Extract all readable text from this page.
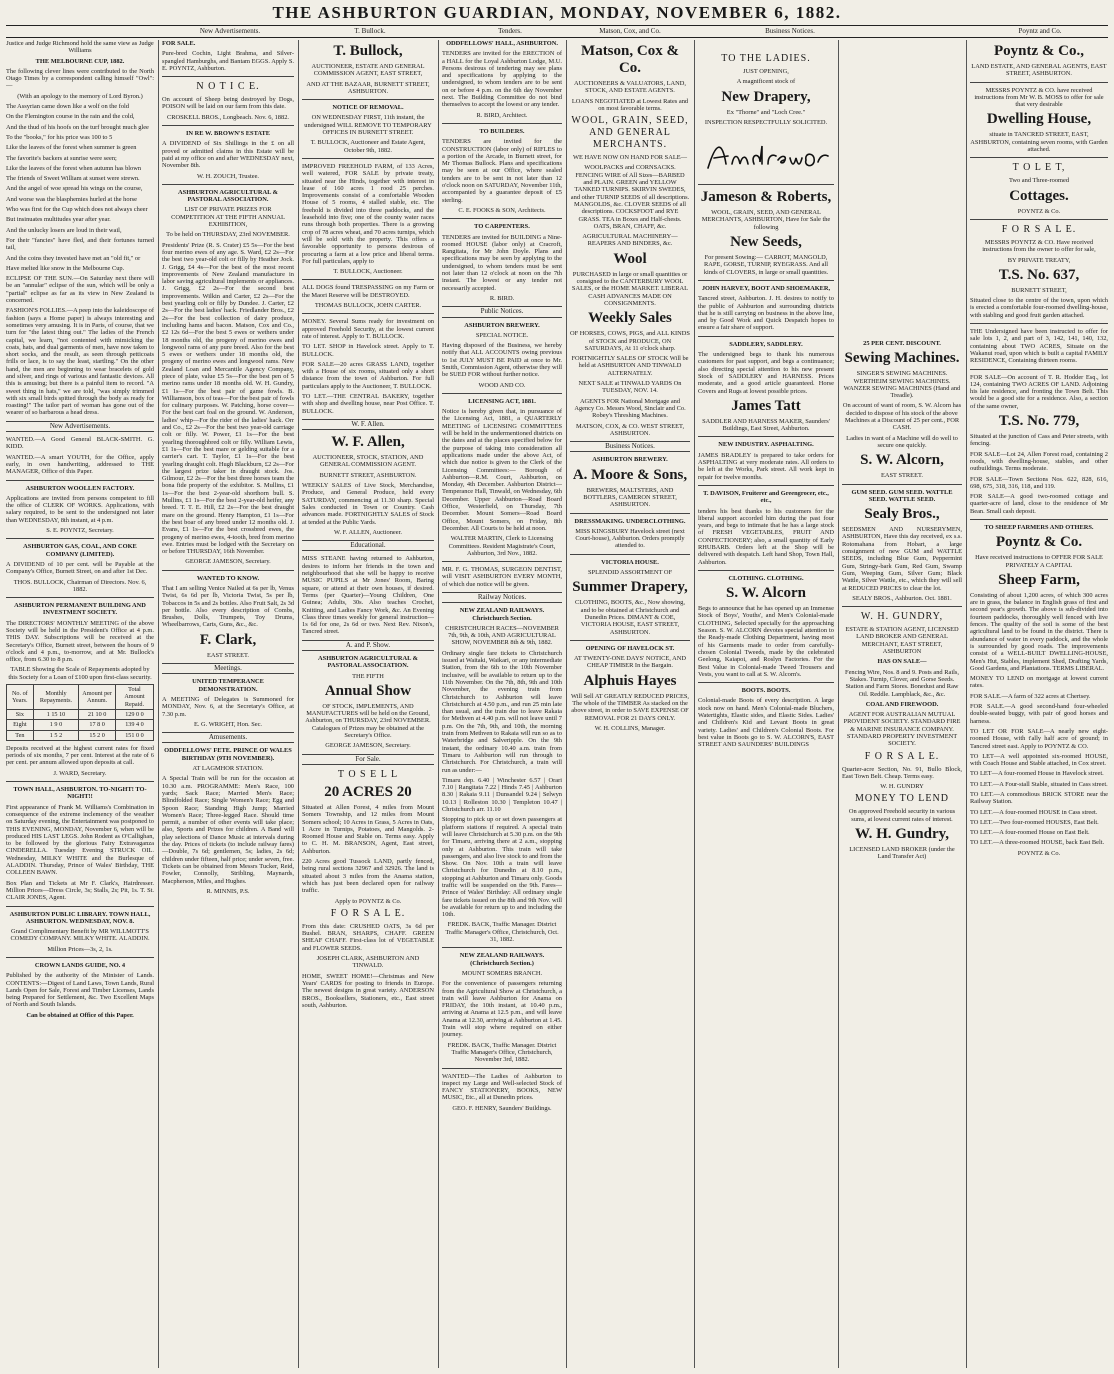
THE ASHBURTON GUARDIAN, MONDAY, NOVEMBER 6, 1882.
New Advertisements.	T. Bullock.	Tenders.	Matson, Cox, and Co.	Business Notices.	Poyntz and Co.

Justice and Judge Richmond hold the same view as Judge Williams

THE MELBOURNE CUP, 1882.

The following clever lines were contributed to the North Otago Times by a correspondent calling himself "Owl":—

(With an apology to the memory of Lord Byron.)

The Assyrian came down like a wolf on the fold

On the Flemington course in the rain and the cold,

And the thud of his hoofs on the turf brought much glee

To the "books," for his price was 100 to 5

Like the leaves of the forest when summer is green

The favorite's backers at sunrise were seen;

Like the leaves of the forest when autumn has blown

The friends of Sweet William at sunset were strewn.

And the angel of woe spread his wings on the course,

And worse was the blasphemies hurled at the horse

Who was first for the Cup which does not always cheer

But insinuates multitudes year after year.

And the unlucky losers are loud in their wail,

For their "fancies" have fled, and their fortunes turned tail,

And the coins they invested have met an "old fit," or

Have melted like snow in the Melbourne Cup.

ECLIPSE OF THE SUN.—On Saturday next there will be an "annular" eclipse of the sun, which will be only a "partial" eclipse as far as its view in New Zealand is concerned.

FASHION'S FOLLIES.—A peep into the kaleidoscope of fashion (says a Home paper) is always interesting and sometimes very amusing. It is in Paris, of course, that we turn for "the latest thing out." The ladies of the French capital, we learn, "not contented with mimicking the coats, hats, and dual garments of men, have now taken to short socks, and the result, as seen through petticoats frills or lace, is to say the least, startling." On the other hand, the men are beginning to wear bracelets of gold and silver, and rings of various and fantastic devices. All this is amusing; but there is a painful item to record. "A sweet thing in hats," we are told, "was simply trimmed with six small birds spitted through the body as ready for roasting!" The tailor part of woman has gone out of the wearer of so barbarous a head dress.

New Advertisements.

WANTED.—A Good General BLACK-SMITH. G. KIDD.

WANTED.—A smart YOUTH, for the Office, apply early, in own handwriting, addressed to THE MANAGER, Office of this Paper.

ASHBURTON WOOLLEN FACTORY.

Applications are invited from persons competent to fill the office of CLERK OF WORKS. Applications, with salary required, to be sent to the undersigned not later than WEDNESDAY, 8th instant, at 4 p.m.

S. E. POYNTZ, Secretary.

ASHBURTON GAS, COAL, AND COKE COMPANY (LIMITED).

A DIVIDEND of 10 per cent. will be Payable at the Company's Office, Burnett Street, on and after 1st Dec.

THOS. BULLOCK, Chairman of Directors. Nov. 6, 1882.

ASHBURTON PERMANENT BUILDING AND INVESTMENT SOCIETY.

The DIRECTORS' MONTHLY MEETING of the above Society will be held in the President's Office at 4 p.m. THIS DAY. Subscriptions will be received at the Secretary's Office, Burnett street, between the hours of 9 o'clock and 4 p.m., to-morrow, and at Mr. Bullock's office, from 6.30 to 8 p.m.

TABLE Showing the Scale of Repayments adopted by this Society for a Loan of £100 upon first-class security.

No. of Years.	Monthly Repayments.	Amount per Annum.	Total Amount Repaid.
Six	1 15 10	21 10 0	129 0 0
Eight	1 9 0	17 8 0	139 4 0
Ten	1 5 2	15 2 0	151 0 0

Deposits received at the highest current rates for fixed periods of six months, 7 per cent. Interest at the rate of 6 per cent. per annum allowed upon deposits at call.

J. WARD, Secretary.

TOWN HALL, ASHBURTON. TO-NIGHT! TO-NIGHT!!

First appearance of Frank M. Williams's Combination in consequence of the extreme inclemency of the weather on Saturday evening, the Entertainment was postponed to THIS EVENING, MONDAY, November 6, when will be produced HIS LAST LEGS. John Rodent as O'Callighan, to be followed by the glorious Fairy Extravaganza CINDERELLA. Tuesday Evening STRUCK OIL. Wednesday, MILKY WHITE and the Burlesque of ALADDIN. Thursday, Prince of Wales' Birthday, THE COLLEEN BAWN.

Box Plan and Tickets at Mr F. Clark's, Hairdresser. Million Prices—Dress Circle, 3s; Stalls, 2s; Pit, 1s. T. St. CLAIR JONES, Agent.

ASHBURTON PUBLIC LIBRARY. TOWN HALL, ASHBURTON. WEDNESDAY, NOV. 8.

Grand Complimentary Benefit by MR WILLMOTT'S COMEDY COMPANY. MILKY WHITE. ALADDIN.

Million Prices—3s, 2, 1s.

CROWN LANDS GUIDE, NO. 4

Published by the authority of the Minister of Lands. CONTENTS:—Digest of Land Laws, Town Lands, Rural Lands Open for Sale, Forest and Timber Licenses, Lands being Prepared for Settlement, &c. Two Excellent Maps of North and South Islands.

Can be obtained at Office of this Paper.

FOR SALE.

Pure-bred Cochin, Light Brahma, and Silver-spangled Hamburghs, and Bantam EGGS. Apply S. E. POYNTZ, Ashburton.

N O T I C E.

On account of Sheep being destroyed by Dogs, POISON will be laid on our farm from this date.

CROSKELL BROS., Longbeach. Nov. 6, 1882.

IN RE W. BROWN'S ESTATE

A DIVIDEND of Six Shillings in the £ on all proved or admitted claims in this Estate will be paid at my office on and after WEDNESDAY next, November 8th.

W. H. ZOUCH, Trustee.

ASHBURTON AGRICULTURAL & PASTORAL ASSOCIATION.

LIST OF PRIVATE PRIZES FOR COMPETITION AT THE FIFTH ANNUAL EXHIBITION,

To be held on THURSDAY, 23rd NOVEMBER.

Presidents' Prize (R. S. Crater) £5 5s—For the best four merino ewes of any age. S. Ward, £2 2s—For the best two year-old colt or filly by Heather Jock. J. Grigg, £4 4s—For the best of the most recent improvements of New Zealand manufacture in labor saving agricultural implements or appliances. J. Grigg, £2 2s—For the second best improvements. Wilkin and Carter, £2 2s—For the best yearling colt or filly by Dundee. J. Carter, £2 2s—For the best ladies' hack. Friedlander Bros., £2 2s—For the best collection of dairy produce, including hams and bacon. Matson, Cox and Co., £2 12s 6d—For the best 5 ewes or wethers under 18 months old, the progeny of merino ewes and longwool rams of any pure breed. Also for the best 5 ewes or wethers under 18 months old, the progeny of merino ewes and longwool rams. New Zealand Loan and Mercantile Agency Company, piece of plate, value £5 5s—For the best pen of 5 merino rams under 18 months old. W. H. Gundry, £1 1s—For the best pair of game fowls. B. Williamson, box of teas—For the best pair of fowls for culinary purposes. W. Patching, horse cover—For the best cart foal on the ground. W. Anderson, ladies' whip—For the rider of the ladies' hack. Orr and Co., £2 2s—For the best two year-old carriage colt or filly. W. Power, £1 1s—For the best yearling thoroughbred colt or filly. William Lewis, £1 1s—For the best mare or gelding suitable for a carrier's cart. T. Taylor, £1 1s—For the best yearling draught colt. Hugh Blackburn, £2 2s—For the largest prize taker in draught stock. Jos. Gilmour, £2 2s—For the best three horses team the bona fide property of the exhibitor. S. Mullins, £1 1s—For the best 2-year-old shorthorn bull. S. Mullins, £1 1s—For the best 2-year-old heifer, any breed. T. T. E. Hill, £2 2s—For the best draught mare on the ground. Henry Hampton, £1 1s—For the best boar of any breed under 12 months old. J. Evans, £1 1s—For the best crossbred ewes, the progeny of merino ewes, 4-tooth, bred from merino ewe. Entries must be lodged with the Secretary on or before THURSDAY, 16th November.

GEORGE JAMESON, Secretary.

WANTED TO KNOW.

That I am selling Venice Nailed at 6s per lb, Venus Twist, 6s 6d per lb, Victoria Twist, 5s per lb, Tobaccos in 5s and 2s bottles. Also Fruit Salt, 2s 3d per bottle. Also every description of Combs, Brushes, Dolls, Trumpets, Toy Drums, Wheelbarrows, Carts, Guns, &c., &c.

F. Clark,

EAST STREET.

Meetings.

UNITED TEMPERANCE DEMONSTRATION.

A MEETING of Delegates is Summoned for MONDAY, Nov. 6, at the Secretary's Office, at 7.30 p.m.

E. G. WRIGHT, Hon. Sec.

Amusements.

ODDFELLOWS' FETE. PRINCE OF WALES BIRTHDAY (9TH NOVEMBER).

AT LAGMHOR STATION.

A Special Train will be run for the occasion at 10.30 a.m. PROGRAMME: Men's Race, 100 yards; Sack Race; Married Men's Race; Blindfolded Race; Single Women's Race; Egg and Spoon Race; Standing High Jump; Married Women's Race; Three-legged Race. Should time permit, a number of other events will take place; also, Sports and Prizes for children. A Band will play selections of Dance Music at intervals during the day. Prices of tickets (to include railway fares)—Double, 7s 6d; gentlemen, 5s; ladies, 2s 6d; children under fifteen, half price; under seven, free. Tickets can be obtained from Messrs Tucker, Reid, Fowler, Connolly, Stribling, Maynards, Macpherson, Miles, and Hughes.

R. MINNIS, P.S.

T. Bullock,

AUCTIONEER, ESTATE AND GENERAL COMMISSION AGENT, EAST STREET,

AND AT THE BAZAAR, BURNETT STREET, ASHBURTON.

NOTICE OF REMOVAL.

ON WEDNESDAY FIRST, 11th instant, the undersigned WILL REMOVE TO TEMPORARY OFFICES IN BURNETT STREET.

T. BULLOCK, Auctioneer and Estate Agent, October 9th, 1882.

IMPROVED FREEHOLD FARM, of 133 Acres, well watered, FOR SALE by private treaty, situated near the Hinds, together with interest in lease of 160 acres 1 rood 25 perches. Improvements consist of a comfortable Wooden House of 5 rooms, 4 stalled stable, etc. The freehold is divided into three paddocks, and the leasehold into five; one of the county water races runs through both properties. There is a growing crop of 78 acres wheat, and 70 acres turnips, which will be sold with the property. This offers a favorable opportunity to persons desirous of procuring a farm at a low price and liberal terms. For full particulars, apply to

T. BULLOCK, Auctioneer.

ALL DOGS found TRESPASSING on my Farm or the Maori Reserve will be DESTROYED.

THOMAS BULLOCK, JOHN CARTER.

MONEY. Several Sums ready for investment on approved Freehold Security, at the lowest current rate of interest. Apply to T. BULLOCK.

TO LET. SHOP in Havelock street. Apply to T. BULLOCK.

FOR SALE—20 acres GRASS LAND, together with a House of six rooms, situated only a short distance from the town of Ashburton. For full particulars apply to the Auctioneer, T. BULLOCK.

TO LET.—THE CENTRAL BAKERY, together with shop and dwelling house, near Post Office. T. BULLOCK.

W. F. Allen.

W. F. Allen,

AUCTIONEER, STOCK, STATION, AND GENERAL COMMISSION AGENT.

BURNETT STREET, ASHBURTON.

WEEKLY SALES of Live Stock, Merchandise, Produce, and General Produce, held every SATURDAY, commencing at 11.30 sharp. Special Sales conducted in Town or Country. Cash advances made. FORTNIGHTLY SALES of Stock at tended at the Public Yards.

W. F. ALLEN, Auctioneer.

Educational.

MISS STEANE having returned to Ashburton, desires to inform her friends in the town and neighbourhood that she will be happy to receive MUSIC PUPILS at Mr Jones' Room, Baring square, or attend at their own houses, if desired. Terms (per Quarter)—Young Children, One Guinea; Adults, 30s. Also teaches Crochet, Knitting, and Ladies Fancy Work, &c. An Evening Class three times weekly for general instruction—1s 6d for one, 2s 6d or two. Next Rev. Nixon's, Tancred street.

A. and P. Show.

ASHBURTON AGRICULTURAL & PASTORAL ASSOCIATION.

THE FIFTH

Annual Show

OF STOCK, IMPLEMENTS, AND MANUFACTURES will be held on the Ground, Ashburton, on THURSDAY, 23rd NOVEMBER. Catalogues of Prizes may be obtained at the Secretary's Office.

GEORGE JAMESON, Secretary.

For Sale.

T O S E L L

20 ACRES 20

Situated at Allen Forest, 4 miles from Mount Somers Township, and 12 miles from Mount Somers school; 10 Acres in Grass, 5 Acres in Oats, 1 Acre in Turnips, Potatoes, and Mangolds. 2-Roomed House and Stable on. Terms easy. Apply to C. H. M. BRANSON, Agent, East street, Ashburton.

220 Acres good Tussock LAND, partly fenced, being rural sections 32967 and 32926. The land is situated about 3 miles from the Anama station, which has just been declared open for railway traffic.

Apply to POYNTZ & Co.

F O R S A L E.

From this date: CRUSHED OATS, 3s 6d per Bushel. BRAN, SHARPS, CHAFF. GREEN SHEAF CHAFF. First-class lot of VEGETABLE and FLOWER SEEDS.

JOSEPH CLARK, ASHBURTON AND TINWALD.

HOME, SWEET HOME!—Christmas and New Years' CARDS for posting to friends in Europe. The newest designs in great variety. ANDERSON BROS., Booksellers, Stationers, etc., East street south, Ashburton.

ODDFELLOWS' HALL, ASHBURTON.

TENDERS are invited for the ERECTION of a HALL for the Loyal Ashburton Lodge, M.U. Persons desirous of tendering may see plans and specifications by applying to the undersigned, to whom tenders are to be sent on or before 4 p.m. on the 6th day November next. The Building Committee do not bind themselves to accept the lowest or any tender.

R. BIRD, Architect.

TO BUILDERS.

TENDERS are invited for the CONSTRUCTION (labor only) of RIFLES to a portion of the Arcade, in Burnett street, for Mr Thomas Bullock. Plans and specifications may be seen at our Office, where sealed tenders are to be sent in not later than 12 o'clock noon on SATURDAY, November 11th, accompanied by a guarantee deposit of £5 sterling.

C. E. FOOKS & SON, Architects.

TO CARPENTERS.

TENDERS are invited for BUILDING a Nine-roomed HOUSE (labor only) at Cracroft, Rangitata, for Mr John Doyle. Plans and specifications may be seen by applying to the undersigned, to whom tenders must be sent not later than 12 o'clock at noon on the 7th instant. The lowest or any tender not necessarily accepted.

R. BIRD.

Public Notices.

ASHBURTON BREWERY.

SPECIAL NOTICE.

Having disposed of the Business, we hereby notify that ALL ACCOUNTS owing previous to 1st JULY MUST BE PAID at once to Mr. Smith, Commission Agent, otherwise they will be SUED FOR without further notice.

WOOD AND CO.

LICENSING ACT, 1881.

Notice is hereby given that, in pursuance of the Licensing Act, 1881, a QUARTERLY MEETING of LICENSING COMMITTEES will be held in the undermentioned districts on the dates and at the places specified below for the purpose of taking into consideration all applications made under the above Act, of which due notice is given to the Clerk of the Licensing Committees:— Borough of Ashburton—R.M. Court, Ashburton, on Monday, 4th December. Ashburton District—Temperance Hall, Tinwald, on Wednesday, 6th December. Upper Ashburton—Road Board Office, Westerfield, on Thursday, 7th December. Mount Somers—Road Board Office, Mount Somers, on Friday, 8th December. All Courts to be held at noon.

WALTER MARTIN, Clerk to Licensing Committees. Resident Magistrate's Court, Ashburton, 3rd Nov., 1882.

MR. F. G. THOMAS, SURGEON DENTIST, will VISIT ASHBURTON EVERY MONTH, of which due notice will be given.

Railway Notices.

NEW ZEALAND RAILWAYS. Christchurch Section.

CHRISTCHURCH RACES—NOVEMBER 7th, 9th, & 10th, AND AGRICULTURAL SHOW, NOVEMBER 8th & 9th, 1882.

Ordinary single fare tickets to Christchurch issued at Waitaki, Waikari, or any intermediate Station, from the 6th to the 10th November inclusive, will be available to return up to the 11th November. On the 7th, 8th, 9th and 10th November, the evening train from Christchurch to Ashburton will leave Christchurch at 4.50 p.m., and run 25 min late than usual, and the train due to leave Rakaia for Methven at 4.40 p.m. will not leave until 7 p.m. On the 7th, 9th, and 10th, the morning train from Methven to Rakaia will run so as to Waterbridge and Salveripple. On the 9th instant, the ordinary 10.40 a.m. train from Timaru to Ashburton will run through to Christchurch. For Christchurch, a train will run as under:—

Timaru dep. 6.40 | Winchester 6.57 | Orari 7.10 | Rangitata 7.22 | Hinds 7.45 | Ashburton 8.30 | Rakaia 9.11 | Dunsandel 9.24 | Selwyn 10.13 | Rolleston 10.30 | Templeton 10.47 | Christchurch arr. 11.10

Stopping to pick up or set down passengers at platform stations if required. A special train will leave Christchurch at 5.30 p.m. on the 9th for Timaru, arriving there at 2 a.m., stopping only at Ashburton. This train will take passengers, and also live stock to and from the Show. On Nov. 10th a train will leave Christchurch for Dunedin at 8.10 p.m., stopping at Ashburton and Timaru only. Goods traffic will be suspended on the 9th. Fares—Prince of Wales' Birthday: All ordinary single fare tickets issued on the 8th and 9th Nov. will be available for return up to and including the 10th.

FREDK. BACK, Traffic Manager. District Traffic Manager's Office, Christchurch, Oct. 31, 1882.

NEW ZEALAND RAILWAYS. (Christchurch Section.)

MOUNT SOMERS BRANCH.

For the convenience of passengers returning from the Agricultural Show at Christchurch, a train will leave Ashburton for Anama on FRIDAY, the 10th instant, at 10.40 p.m., arriving at Anama at 12.5 p.m., and will leave Anama at 12.30, arriving at Ashburton at 1.45. Train will stop where required on either journey.

FREDK. BACK, Traffic Manager. District Traffic Manager's Office, Christchurch, November 3rd, 1882.

WANTED—The Ladies of Ashburton to inspect my Large and Well-selected Stock of FANCY STATIONERY, BOOKS, NEW MUSIC, Etc., all at Dunedin prices.

GEO. F. HENRY, Saunders' Buildings.

Matson, Cox & Co.

AUCTIONEERS & VALUATORS, LAND, STOCK, AND ESTATE AGENTS.

LOANS NEGOTIATED at Lowest Rates and on most favorable terms.

WOOL, GRAIN, SEED, AND GENERAL MERCHANTS.

WE HAVE NOW ON HAND FOR SALE—

WOOLPACKS and CORNSACKS. FENCING WIRE of All Sizes—BARBED and PLAIN. GREEN and YELLOW TANKED TURNIPS. SKIRVIN SWEDES, and other TURNIP SEEDS of all descriptions. MANGOLDS, &c. CLOVER SEEDS of all descriptions. COCKSFOOT and RYE GRASS. TEA in Boxes and Half-chests. OATS, BRAN, CHAFF, &c.

AGRICULTURAL MACHINERY—REAPERS AND BINDERS, &c.

Wool

PURCHASED in large or small quantities or consigned to the CANTERBURY WOOL SALES, or the HOME MARKET. LIBERAL CASH ADVANCES MADE ON CONSIGNMENTS.

Weekly Sales

OF HORSES, COWS, PIGS, and ALL KINDS of STOCK and PRODUCE, ON SATURDAYS, At 11 o'clock sharp.

FORTNIGHTLY SALES OF STOCK Will be held at ASHBURTON AND TINWALD ALTERNATELY.

NEXT SALE at TINWALD YARDS On TUESDAY, NOV. 14.

AGENTS FOR National Mortgage and Agency Co. Messrs Wood, Sinclair and Co. Robey's Threshing Machines.

MATSON, COX, & CO. WEST STREET, ASHBURTON.

Business Notices.

ASHBURTON BREWERY.

A. Moore & Sons,

BREWERS, MALTSTERS, AND BOTTLERS, CAMERON STREET, ASHBURTON.

DRESSMAKING. UNDERCLOTHING.

MISS KINGSBURY Havelock street (next Court-house), Ashburton. Orders promptly attended to.

VICTORIA HOUSE.

SPLENDID ASSORTMENT OF

Summer Drapery,

CLOTHING, BOOTS, &c., Now showing, and to be obtained at Christchurch and Dunedin Prices. DIMANT & COE, VICTORIA HOUSE, EAST STREET, ASHBURTON.

OPENING OF HAVELOCK ST.

AT TWENTY-ONE DAYS' NOTICE, AND CHEAP TIMBER In the Bargain.

Alphuis Hayes

Will Sell AT GREATLY REDUCED PRICES, The whole of the TIMBER As stacked on the above street, in order to SAVE EXPENSE OF REMOVAL FOR 21 DAYS ONLY.

W. H. COLLINS, Manager.

TO THE LADIES.

JUST OPENING,

A magnificent stock of

New Drapery,

Ex "Thorne" and "Loch Cree."

INSPECTION RESPECTFULLY SOLICITED.

Jameson & Roberts,

WOOL, GRAIN, SEED, AND GENERAL MERCHANTS, ASHBURTON, Have for Sale the following

New Seeds,

For present Sowing:— CARROT, MANGOLD, RAPE, GORSE, TURNIP, RYEGRASS. And all kinds of CLOVERS, in large or small quantities.

JOHN HARVEY, BOOT AND SHOEMAKER,

Tancred street, Ashburton. J. H. desires to notify to the public of Ashburton and surrounding districts that he is still carrying on business in the above line, and by Good Work and Quick Despatch hopes to ensure a fair share of support.

SADDLERY, SADDLERY.

The undersigned begs to thank his numerous customers for past support, and begs a continuance; also directing special attention to his new present Stock of SADDLERY and HARNESS. Prices moderate, and a good article guaranteed. Horse Covers and Rugs at lowest possible prices.

James Tatt

SADDLER AND HARNESS MAKER, Saunders' Buildings, East Street, Ashburton.

NEW INDUSTRY. ASPHALTING.

JAMES BRADLEY is prepared to take orders for ASPHALTING at very moderate rates. All orders to be left at the Works, Park street. All work kept in repair for twelve months.

T. DAVISON, Fruiterer and Greengrocer, etc., etc.,

tenders his best thanks to his customers for the liberal support accorded him during the past four years, and begs to intimate that he has a large stock of FRESH VEGETABLES, FRUIT AND CONFECTIONERY; also, a small quantity of Early RHUBARB. Orders left at the Shop will be delivered with despatch. Left hand Shop, Town Hall, Ashburton.

CLOTHING. CLOTHING.

S. W. Alcorn

Begs to announce that he has opened up an Immense Stock of Boys', Youths', and Men's Colonial-made CLOTHING, Selected specially for the approaching Season. S. W. ALCORN devotes special attention to the Ready-made Clothing Department, having most of his Garments made to order from carefully-chosen Colonial Tweeds, made by the celebrated Geelong, Kaiapoi, and Roslyn Factories. For the Best Value in Colonial-made Tweed Trousers and Vests, you want to call at S. W. Alcorn's.

BOOTS. BOOTS.

Colonial-made Boots of every description. A large stock now on hand. Men's Colonial-made Bluchers, Watertights, Elastic sides, and Elastic Sides. Ladies' and Children's Kid and Levant Boots in great variety. Ladies' and Children's Colonial Boots. For best value in Boots go to S. W. ALCORN'S, EAST STREET AND SAUNDERS' BUILDINGS

25 PER CENT. DISCOUNT.

Sewing Machines.

SINGER'S SEWING MACHINES. WERTHEIM SEWING MACHINES. WANZER SEWING MACHINES (Hand and Treadle).

On account of want of room, S. W. Alcorn has decided to dispose of his stock of the above Machines at a Discount of 25 per cent., FOR CASH.

Ladies in want of a Machine will do well to secure one quickly.

S. W. Alcorn,

EAST STREET.

GUM SEED. GUM SEED. WATTLE SEED. WATTLE SEED.

Sealy Bros.,

SEEDSMEN AND NURSERYMEN, ASHBURTON, Have this day received, ex s.s. Rotomahana from Hobart, a large consignment of new GUM and WATTLE SEEDS, including Blue Gum, Peppermint Gum, Stringy-bark Gum, Red Gum, Swamp Gum, Weeping Gum, Silver Gum; Black Wattle, Silver Wattle, etc., which they will sell at REDUCED PRICES to clear the lot.

SEALY BROS., Ashburton. Oct. 1881.

W. H. GUNDRY,

ESTATE & STATION AGENT, LICENSED LAND BROKER AND GENERAL MERCHANT, EAST STREET, ASHBURTON

HAS ON SALE—

Fencing Wire, Nos. 8 and 9. Posts and Rails, Stakes. Turnip, Clover, and Gorse Seeds. Station and Farm Stores. Bonedust and Raw Oil. Reddle. Lampblack, &c., &c.

COAL AND FIREWOOD.

AGENT FOR AUSTRALIAN MUTUAL PROVIDENT SOCIETY. STANDARD FIRE & MARINE INSURANCE COMPANY. STANDARD PROPERTY INVESTMENT SOCIETY.

F O R S A L E.

Quarter-acre Section, No. 91, Bullo Block, East Town Belt. Cheap. Terms easy.

W. H. GUNDRY

MONEY TO LEND

On approved Freehold security in various sums, at lowest current rates of interest.

W. H. Gundry,

LICENSED LAND BROKER (under the Land Transfer Act)

Poyntz & Co.,

LAND ESTATE, AND GENERAL AGENTS, EAST STREET, ASHBURTON.

MESSRS POYNTZ & CO. have received instructions from Mr W. B. MOSS to offer for sale that very desirable

Dwelling House,

situate in TANCRED STREET, EAST, ASHBURTON, containing seven rooms, with Garden attached.

T O L E T,

Two and Three-roomed

Cottages.

POYNTZ & Co.

F O R S A L E.

MESSRS POYNTZ & CO. Have received instructions from the owner to offer for sale,

BY PRIVATE TREATY,

T.S. No. 637,

BURNETT STREET,

Situated close to the centre of the town, upon which is erected a comfortable four-roomed dwelling-house, with stabling and good fruit garden attached.

THE Undersigned have been instructed to offer for sale lots 1, 2, and part of 3, 142, 141, 140, 132, containing about TWO ACRES, Situate on the Wakanui road, upon which is built a capital FAMILY RESIDENCE, Containing thirteen rooms.

FOR SALE—On account of T. R. Hodder Esq., lot 124, containing TWO ACRES OF LAND. Adjoining his late residence, and fronting the Town Belt. This would be a good site for a residence. Also, a section of the same owner,

T.S. No. 779,

Situated at the junction of Cass and Peter streets, with fencing.

FOR SALE—Lot 24, Allen Forest road, containing 2 roods, with dwelling-house, stables, and other outbuildings. Terms moderate.

FOR SALE—Town Sections Nos. 622, 828, 616, 698, 675, 318, 316, 118, and 119.

FOR SALE—A good two-roomed cottage and quarter-acre of land, close to the residence of Mr Bean. Small cash deposit.

TO SHEEP FARMERS AND OTHERS.

Poyntz & Co.

Have received instructions to OFFER FOR SALE PRIVATELY A CAPITAL

Sheep Farm,

Consisting of about 1,200 acres, of which 300 acres are in grass, the balance in English grass of first and second year's growth. The above is sub-divided into fourteen paddocks, thoroughly well fenced with live fences. The quality of the soil is some of the best agricultural land to be found in the district. There is abundance of water in every paddock, and the whole is surrounded by good roads. The improvements consist of a WELL-BUILT DWELLING-HOUSE, Men's Hut, Stables, implement Shed, Drafting Yards, Good Gardens, and Plantations. TERMS LIBERAL.

MONEY TO LEND on mortgage at lowest current rates.

FOR SALE.—A farm of 322 acres at Chertsey.

FOR SALE.—A good second-hand four-wheeled double-seated buggy, with pair of good horses and harness.

TO LET OR FOR SALE—A nearly new eight-roomed House, with t'ally half acre of ground; in Tancred street east. Apply to POYNTZ & CO.

TO LET—A well appointed six-roomed HOUSE, with Coach House and Stable attached, in Cox street.

TO LET—A four-roomed House in Havelock street.

TO LET.—A Four-stall Stable, situated in Cass street.

TO LET.—A commodious BRICK STORE near the Railway Station.

TO LET.—A four-roomed HOUSE in Cass street.

TO LET.—Two four-roomed HOUSES, East Belt.

TO LET.—A four-roomed House on East Belt.

TO LET.—A three-roomed HOUSE, back East Belt.

POYNTZ & Co.
